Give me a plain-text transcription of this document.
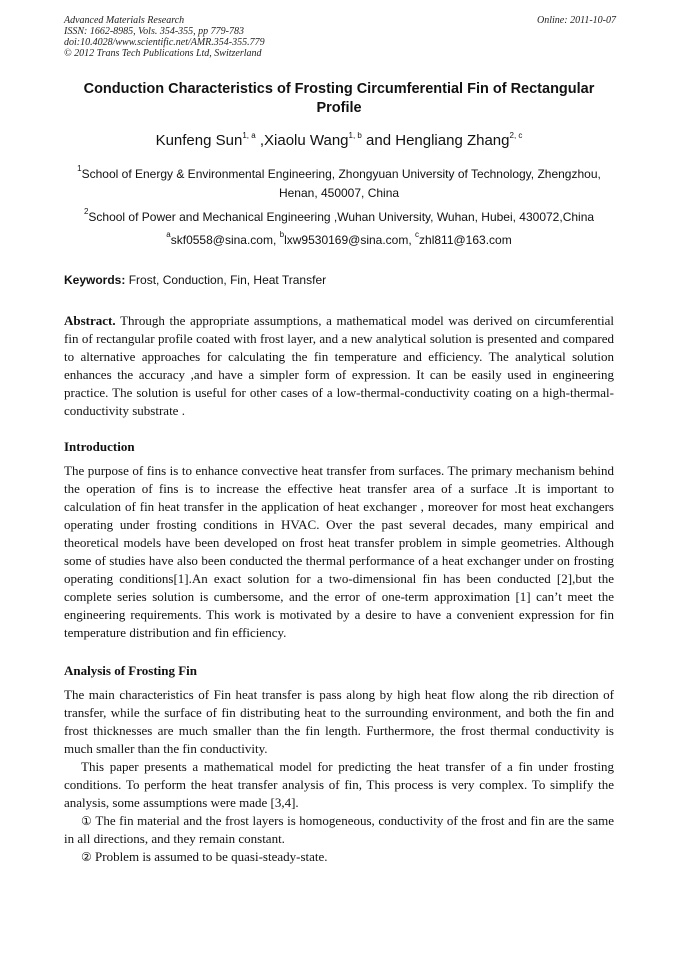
Advanced Materials Research
ISSN: 1662-8985, Vols. 354-355, pp 779-783
doi:10.4028/www.scientific.net/AMR.354-355.779
© 2012 Trans Tech Publications Ltd, Switzerland
Online: 2011-10-07
Conduction Characteristics of Frosting Circumferential Fin of Rectangular Profile
Kunfeng Sun$^{1, a}$ ,Xiaolu Wang$^{1, b}$ and Hengliang Zhang$^{2, c}$
$^1$School of Energy & Environmental Engineering, Zhongyuan University of Technology, Zhengzhou, Henan, 450007, China
$^2$School of Power and Mechanical Engineering ,Wuhan University, Wuhan, Hubei, 430072,China
$^a$skf0558@sina.com, $^b$lxw9530169@sina.com, $^c$zhl811@163.com
Keywords: Frost, Conduction, Fin, Heat Transfer
Abstract. Through the appropriate assumptions, a mathematical model was derived on circumferential fin of rectangular profile coated with frost layer, and a new analytical solution is presented and compared to alternative approaches for calculating the fin temperature and efficiency. The analytical solution enhances the accuracy ,and have a simpler form of expression. It can be easily used in engineering practice. The solution is useful for other cases of a low-thermal-conductivity coating on a high-thermal-conductivity substrate .
Introduction

The purpose of fins is to enhance convective heat transfer from surfaces. The primary mechanism behind the operation of fins is to increase the effective heat transfer area of a surface .It is important to calculation of fin heat transfer in the application of heat exchanger , moreover for most heat exchangers operating under frosting conditions in HVAC. Over the past several decades, many empirical and theoretical models have been developed on frost heat transfer problem in simple geometries. Although some of studies have also been conducted the thermal performance of a heat exchanger under on frosting operating conditions[1].An exact solution for a two-dimensional fin has been conducted [2],but the complete series solution is cumbersome, and the error of one-term approximation [1] can’t meet the engineering requirements. This work is motivated by a desire to have a convenient expression for fin temperature distribution and fin efficiency.

Analysis of Frosting Fin

The main characteristics of Fin heat transfer is pass along by high heat flow along the rib direction of transfer, while the surface of fin distributing heat to the surrounding environment, and both the fin and frost thicknesses are much smaller than the fin length. Furthermore, the frost thermal conductivity is much smaller than the fin conductivity.

This paper presents a mathematical model for predicting the heat transfer of a fin under frosting conditions. To perform the heat transfer analysis of fin, This process is very complex. To simplify the analysis, some assumptions were made [3,4].

① The fin material and the frost layers is homogeneous, conductivity of the frost and fin are the same in all directions, and they remain constant.

② Problem is assumed to be quasi-steady-state.
